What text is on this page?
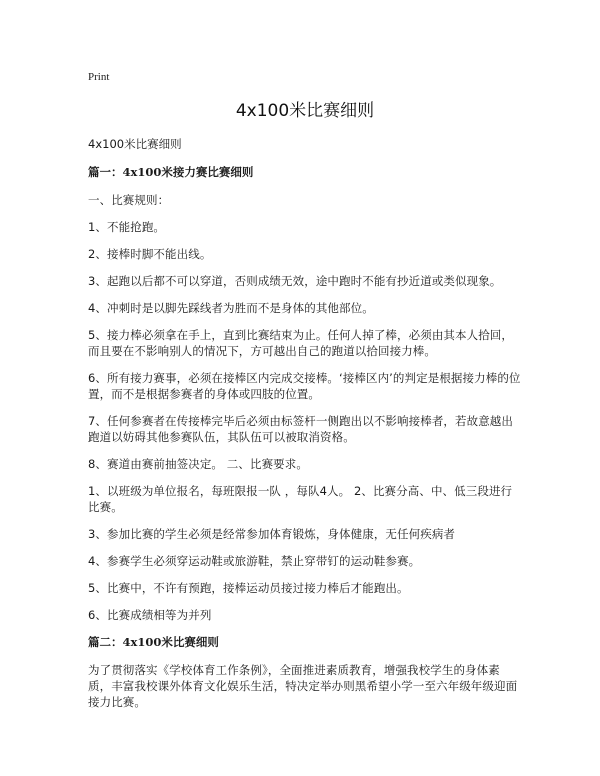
Print
4x100米比赛细则
4x100米比赛细则
篇一：4x100米接力赛比赛细则

一、比赛规则：

1、不能抢跑。

2、接棒时脚不能出线。

3、起跑以后都不可以穿道，否则成绩无效，途中跑时不能有抄近道或类似现象。

4、冲刺时是以脚先踩线者为胜而不是身体的其他部位。

5、接力棒必须拿在手上，直到比赛结束为止。任何人掉了棒，必须由其本人拾回，而且要在不影响别人的情况下，方可越出自己的跑道以拾回接力棒。

6、所有接力赛事，必须在接棒区内完成交接棒。‘接棒区内’的判定是根据接力棒的位置，而不是根据参赛者的身体或四肢的位置。

7、任何参赛者在传接棒完毕后必须由标签杆一侧跑出以不影响接棒者，若故意越出跑道以妨碍其他参赛队伍，其队伍可以被取消资格。

8、赛道由赛前抽签决定。 二、比赛要求。

1、以班级为单位报名，每班限报一队 ，每队4人。 2、比赛分高、中、低三段进行比赛。

3、参加比赛的学生必须是经常参加体育锻炼，身体健康，无任何疾病者

4、参赛学生必须穿运动鞋或旅游鞋，禁止穿带钉的运动鞋参赛。

5、比赛中，不许有预跑，接棒运动员接过接力棒后才能跑出。

6、比赛成绩相等为并列

篇二：4x100米比赛细则

为了贯彻落实《学校体育工作条例》，全面推进素质教育，增强我校学生的身体素质，丰富我校课外体育文化娱乐生活，特决定举办则黑希望小学一至六年级年级迎面接力比赛。
